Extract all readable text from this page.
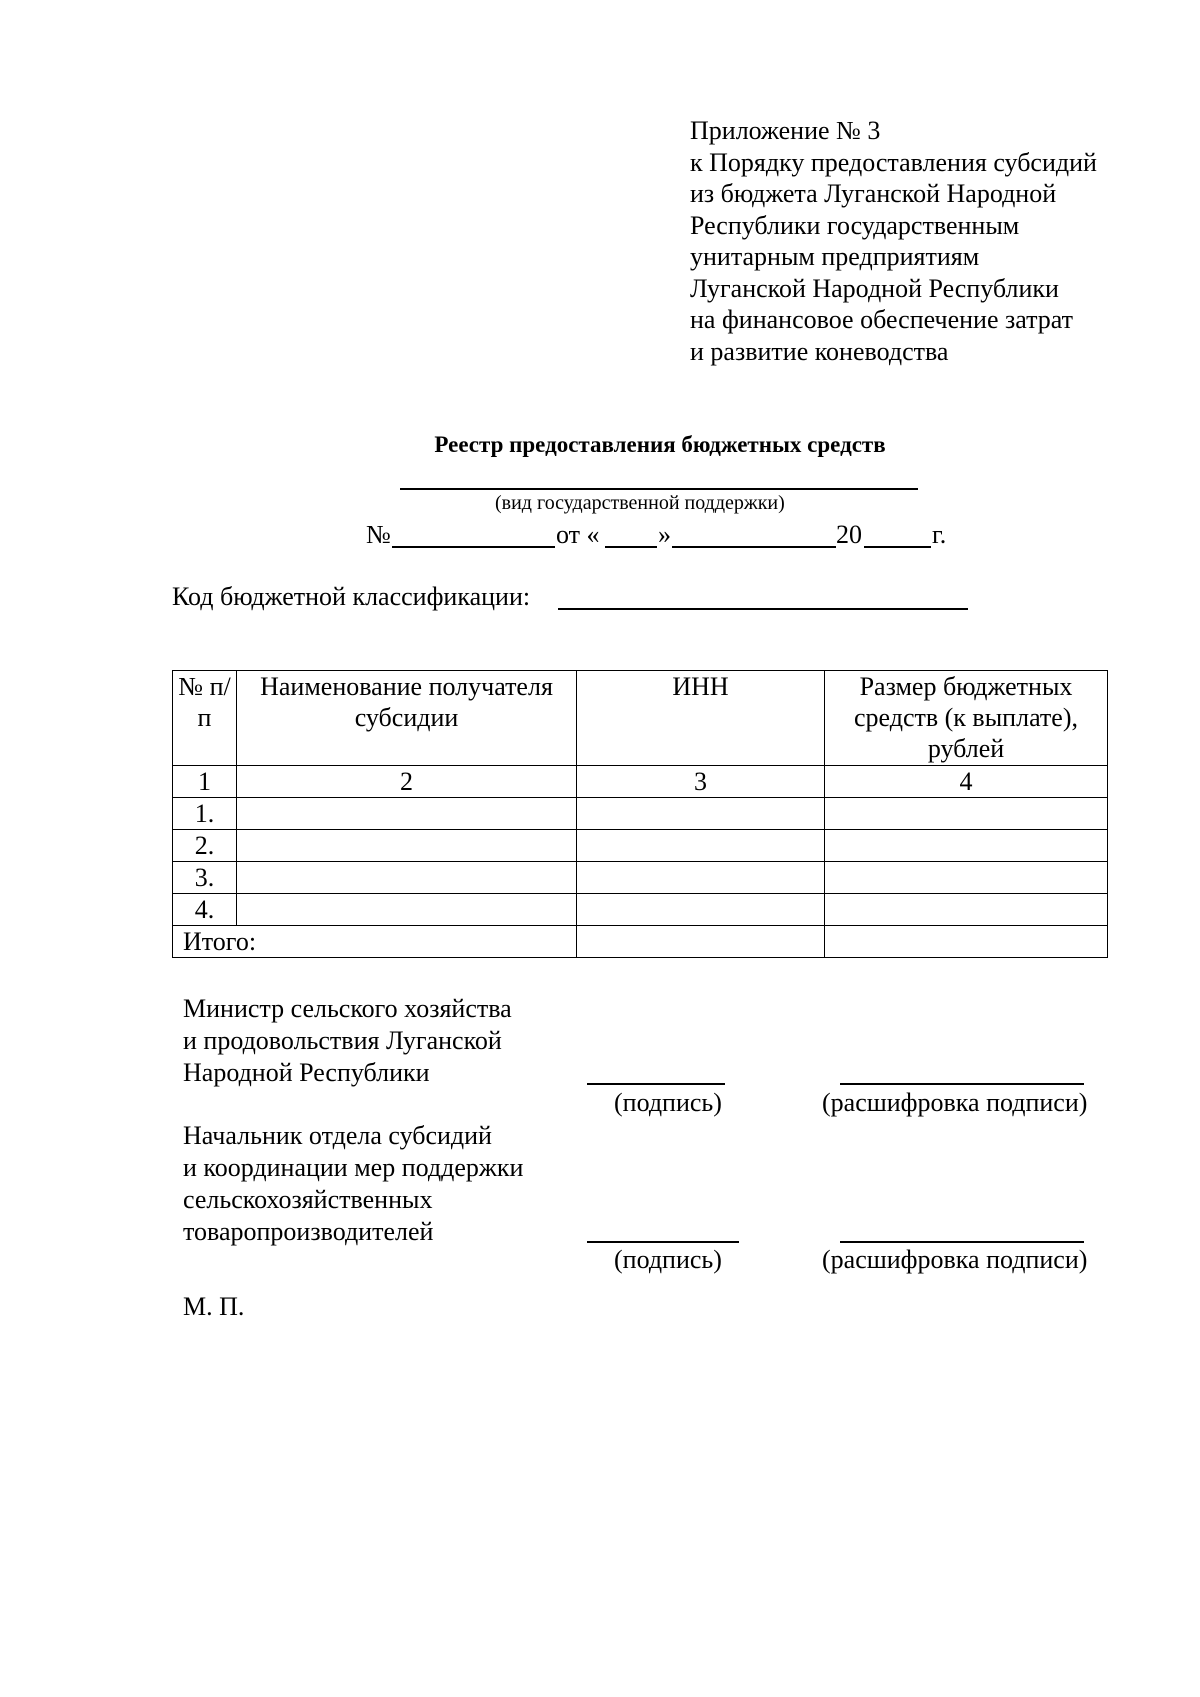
Приложение № 3
к Порядку предоставления субсидий
из бюджета Луганской Народной
Республики государственным
унитарным предприятиям
Луганской Народной Республики
на финансовое обеспечение затрат
и развитие коневодства
Реестр предоставления бюджетных средств
(вид государственной поддержки)
№	от « »	20	г.
Код бюджетной классификации:
№ п/п	Наименование получателя субсидии	ИНН	Размер бюджетных средств (к выплате), рублей
1	2	3	4
1.			
2.			
3.			
4.			
Итого:			
Министр сельского хозяйства
и продовольствия Луганской
Народной Республики
(подпись)	(расшифровка подписи)
Начальник отдела субсидий
и координации мер поддержки
сельскохозяйственных
товаропроизводителей
(подпись)	(расшифровка подписи)
М. П.
